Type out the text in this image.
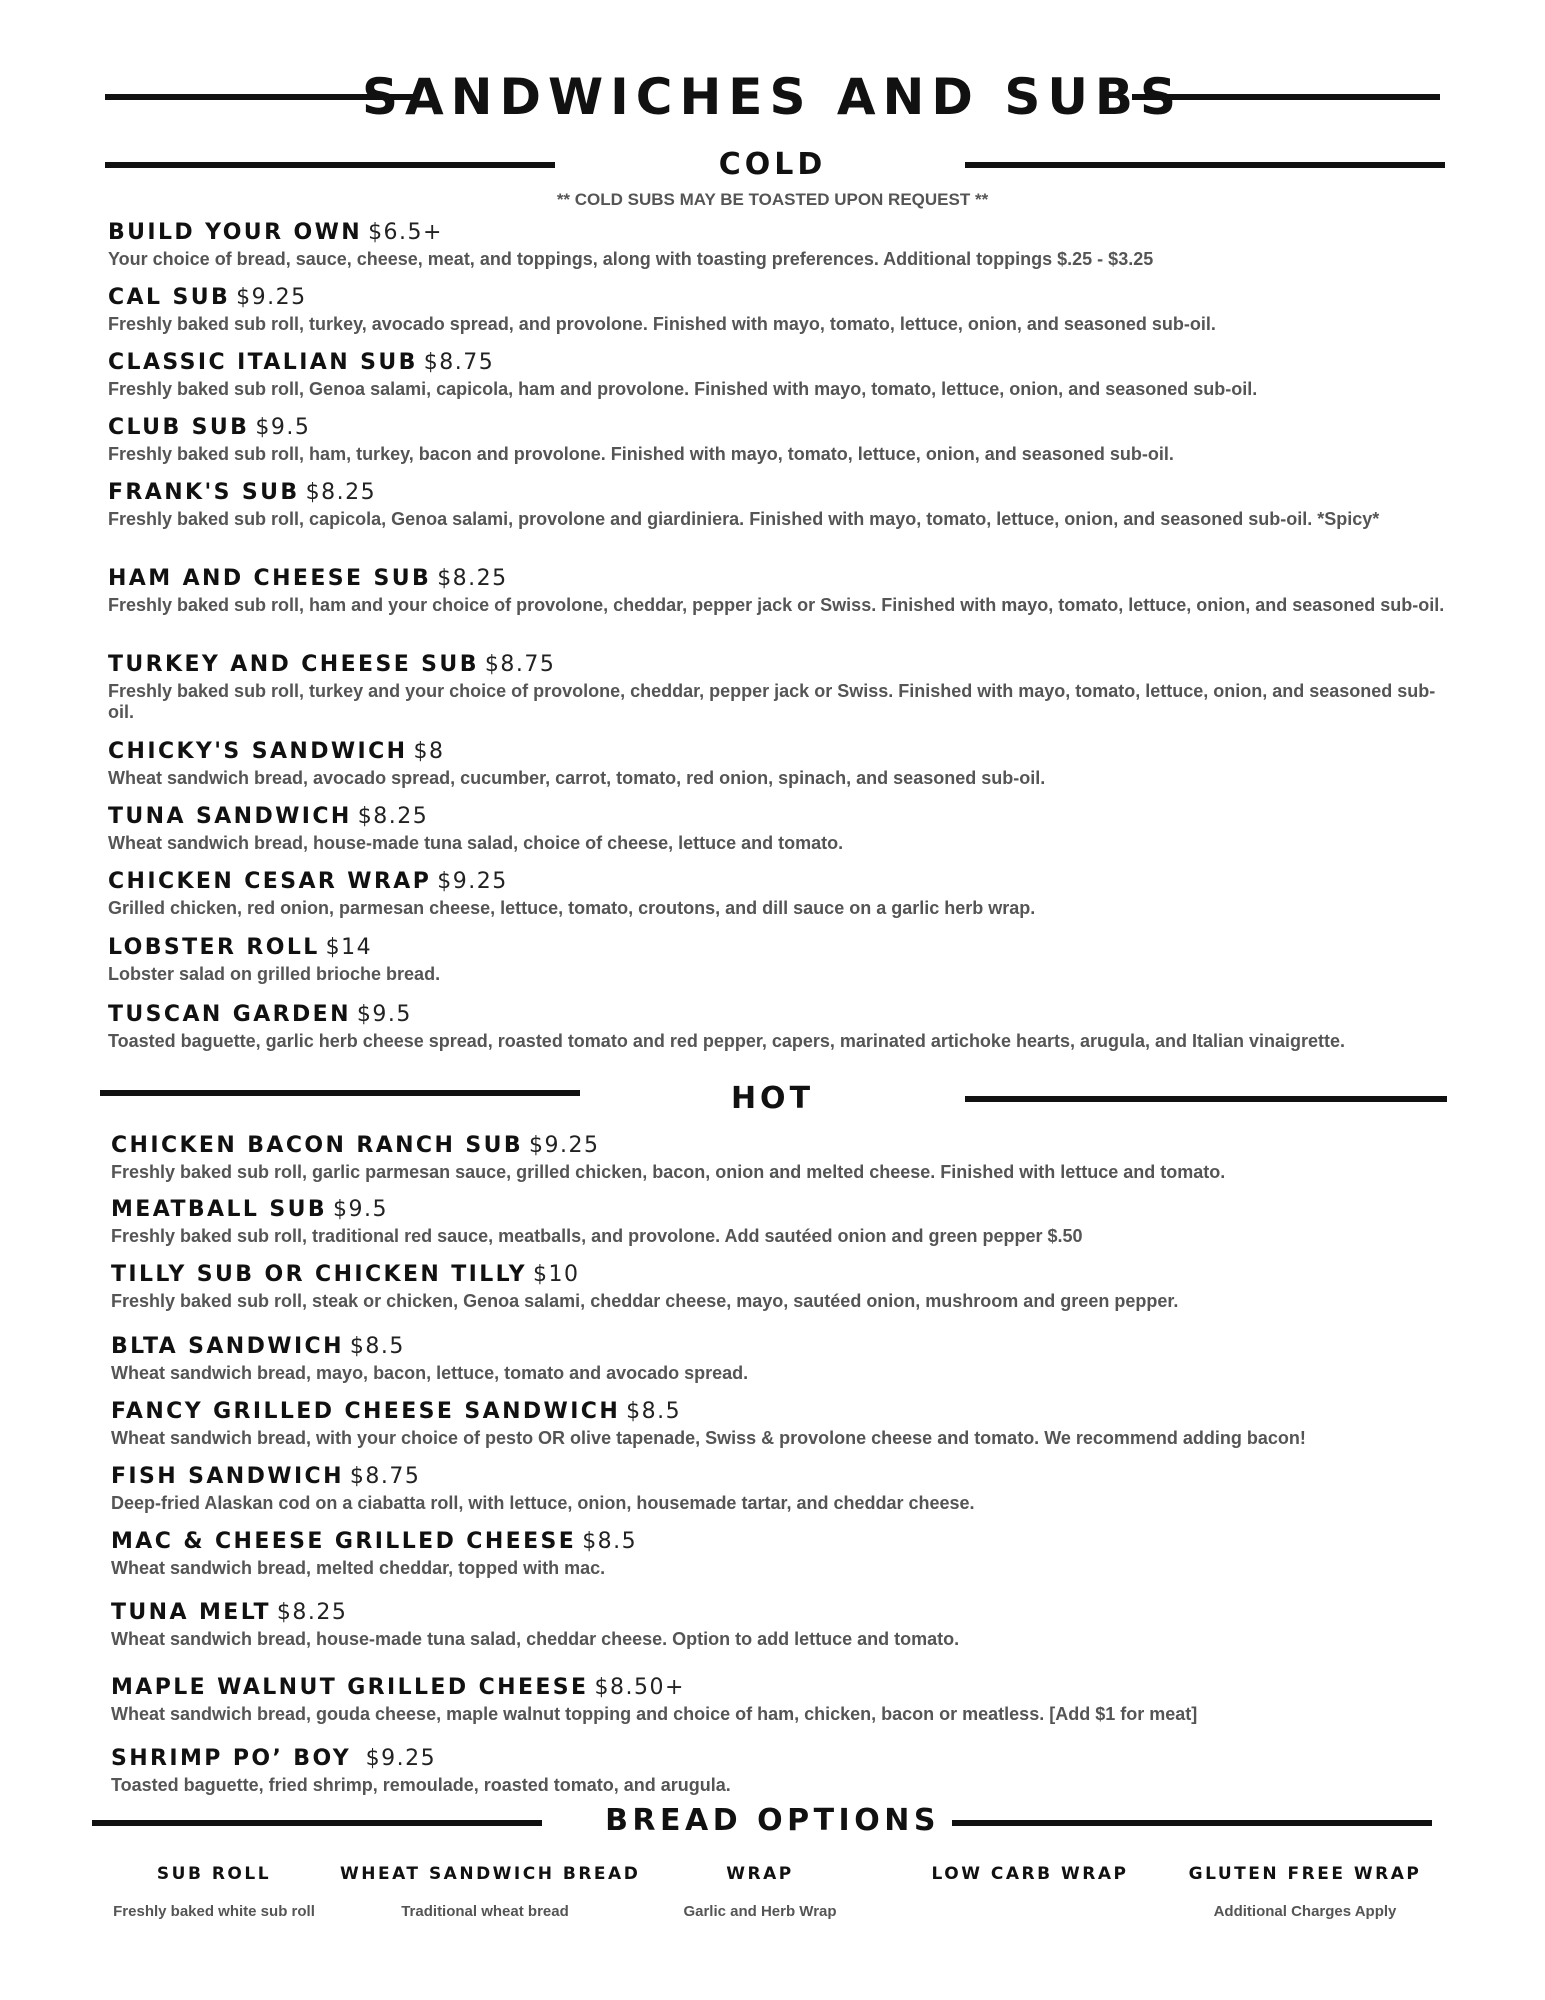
SANDWICHES AND SUBS
COLD
** COLD SUBS MAY BE TOASTED UPON REQUEST **
BUILD YOUR OWN $6.5+
Your choice of bread, sauce, cheese, meat, and toppings, along with toasting preferences. Additional toppings $.25 - $3.25
CAL SUB $9.25
Freshly baked sub roll, turkey, avocado spread, and provolone. Finished with mayo, tomato, lettuce, onion, and seasoned sub-oil.
CLASSIC ITALIAN SUB $8.75
Freshly baked sub roll, Genoa salami, capicola, ham and provolone. Finished with mayo, tomato, lettuce, onion, and seasoned sub-oil.
CLUB SUB $9.5
Freshly baked sub roll, ham, turkey, bacon and provolone. Finished with mayo, tomato, lettuce, onion, and seasoned sub-oil.
FRANK'S SUB $8.25
Freshly baked sub roll, capicola, Genoa salami, provolone and giardiniera. Finished with mayo, tomato, lettuce, onion, and seasoned sub-oil. *Spicy*
HAM AND CHEESE SUB $8.25
Freshly baked sub roll, ham and your choice of provolone, cheddar, pepper jack or Swiss. Finished with mayo, tomato, lettuce, onion, and seasoned sub-oil.
TURKEY AND CHEESE SUB $8.75
Freshly baked sub roll, turkey and your choice of provolone, cheddar, pepper jack or Swiss. Finished with mayo, tomato, lettuce, onion, and seasoned sub-oil.
CHICKY'S SANDWICH $8
Wheat sandwich bread, avocado spread, cucumber, carrot, tomato, red onion, spinach, and seasoned sub-oil.
TUNA SANDWICH $8.25
Wheat sandwich bread, house-made tuna salad, choice of cheese, lettuce and tomato.
CHICKEN CESAR WRAP $9.25
Grilled chicken, red onion, parmesan cheese, lettuce, tomato, croutons, and dill sauce on a garlic herb wrap.
LOBSTER ROLL $14
Lobster salad on grilled brioche bread.
TUSCAN GARDEN $9.5
Toasted baguette, garlic herb cheese spread, roasted tomato and red pepper, capers, marinated artichoke hearts, arugula, and Italian vinaigrette.
HOT
CHICKEN BACON RANCH SUB $9.25
Freshly baked sub roll, garlic parmesan sauce, grilled chicken, bacon, onion and melted cheese. Finished with lettuce and tomato.
MEATBALL SUB $9.5
Freshly baked sub roll, traditional red sauce, meatballs, and provolone. Add sautéed onion and green pepper $.50
TILLY SUB OR CHICKEN TILLY $10
Freshly baked sub roll, steak or chicken, Genoa salami, cheddar cheese, mayo, sautéed onion, mushroom and green pepper.
BLTA SANDWICH $8.5
Wheat sandwich bread, mayo, bacon, lettuce, tomato and avocado spread.
FANCY GRILLED CHEESE SANDWICH $8.5
Wheat sandwich bread, with your choice of pesto OR olive tapenade, Swiss & provolone cheese and tomato. We recommend adding bacon!
FISH SANDWICH $8.75
Deep-fried Alaskan cod on a ciabatta roll, with lettuce, onion, housemade tartar, and cheddar cheese.
MAC & CHEESE GRILLED CHEESE $8.5
Wheat sandwich bread, melted cheddar, topped with mac.
TUNA MELT $8.25
Wheat sandwich bread, house-made tuna salad, cheddar cheese. Option to add lettuce and tomato.
MAPLE WALNUT GRILLED CHEESE $8.50+
Wheat sandwich bread, gouda cheese, maple walnut topping and choice of ham, chicken, bacon or meatless. [Add $1 for meat]
SHRIMP PO’ BOY $9.25
Toasted baguette, fried shrimp, remoulade, roasted tomato, and arugula.
BREAD OPTIONS
SUB ROLL
Freshly baked white sub roll
WHEAT SANDWICH BREAD
Traditional wheat bread
WRAP
Garlic and Herb Wrap
LOW CARB WRAP	GLUTEN FREE WRAP
Additional Charges Apply
